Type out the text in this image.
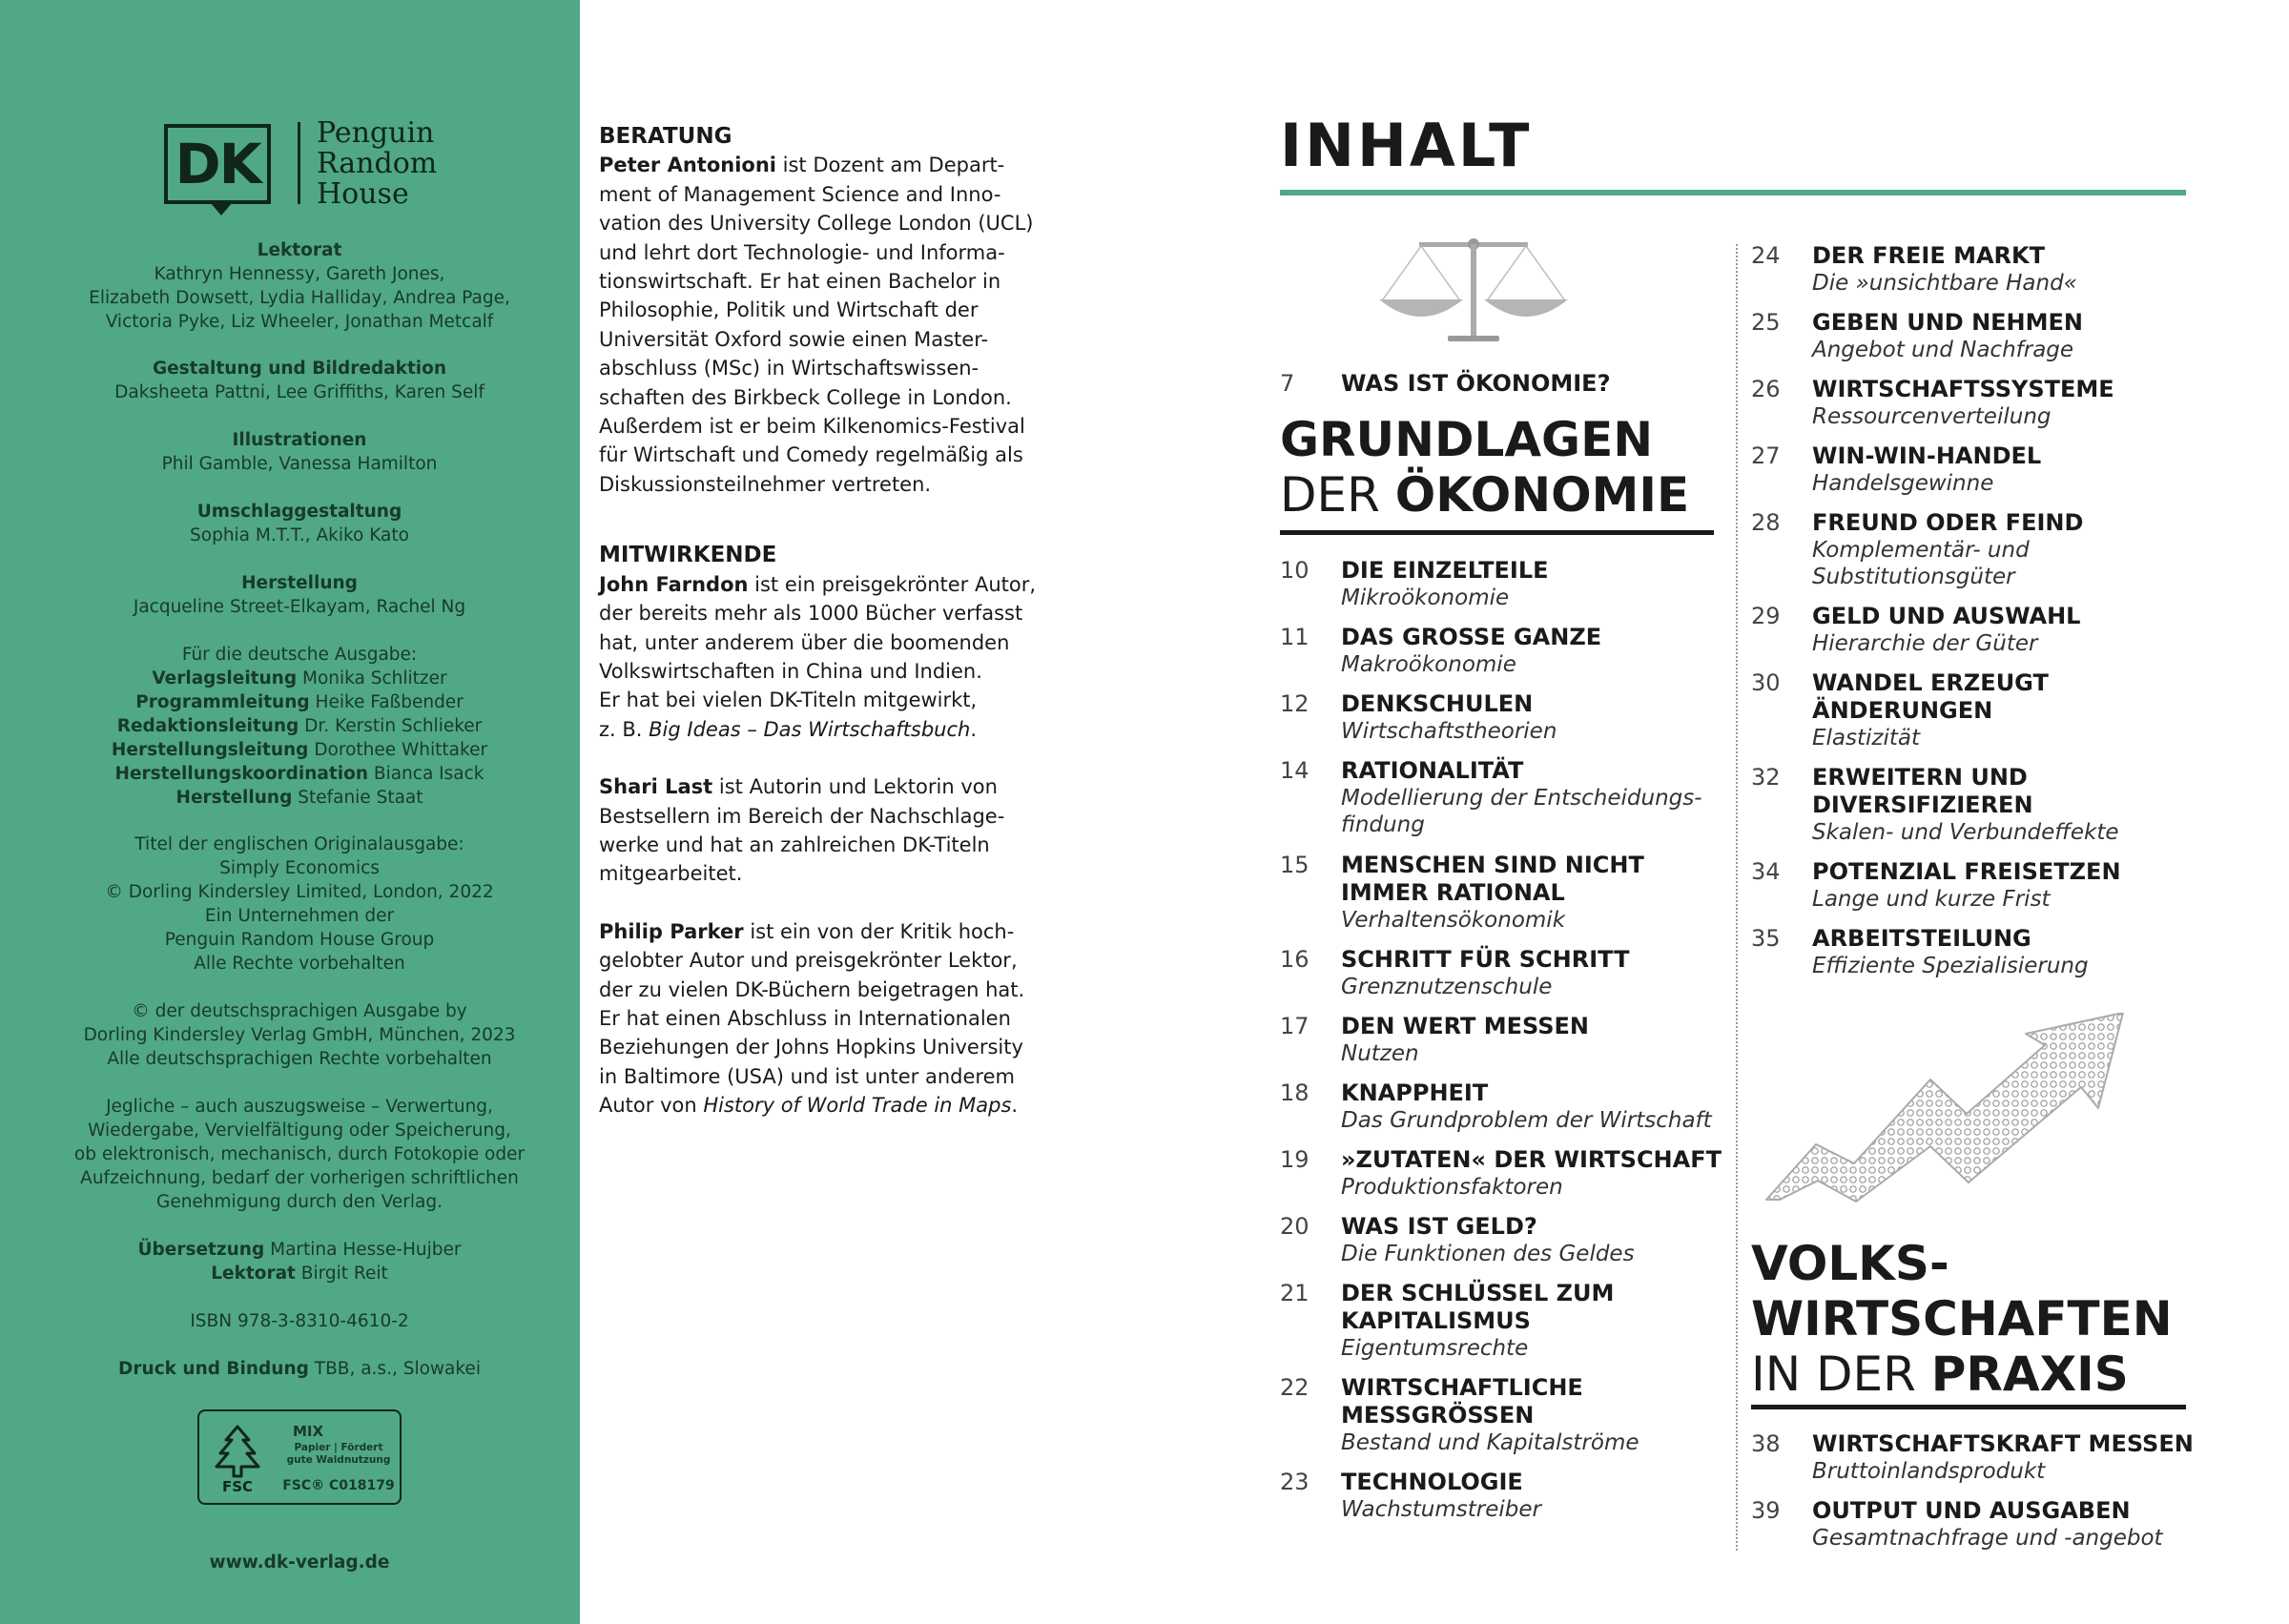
DK	Penguin
Random
House
Lektorat
Kathryn Hennessy, Gareth Jones,
Elizabeth Dowsett, Lydia Halliday, Andrea Page,
Victoria Pyke, Liz Wheeler, Jonathan Metcalf
Gestaltung und Bildredaktion
Daksheeta Pattni, Lee Griffiths, Karen Self
Illustrationen
Phil Gamble, Vanessa Hamilton
Umschlaggestaltung
Sophia M.T.T., Akiko Kato
Herstellung
Jacqueline Street-Elkayam, Rachel Ng
Für die deutsche Ausgabe:
Verlagsleitung Monika Schlitzer
Programmleitung Heike Faßbender
Redaktionsleitung Dr. Kerstin Schlieker
Herstellungsleitung Dorothee Whittaker
Herstellungskoordination Bianca Isack
Herstellung Stefanie Staat
Titel der englischen Originalausgabe:
Simply Economics
© Dorling Kindersley Limited, London, 2022
Ein Unternehmen der
Penguin Random House Group
Alle Rechte vorbehalten
© der deutschsprachigen Ausgabe by
Dorling Kindersley Verlag GmbH, München, 2023
Alle deutschsprachigen Rechte vorbehalten
Jegliche – auch auszugsweise – Verwertung,
Wiedergabe, Vervielfältigung oder Speicherung,
ob elektronisch, mechanisch, durch Fotokopie oder
Aufzeichnung, bedarf der vorherigen schriftlichen
Genehmigung durch den Verlag.
Übersetzung Martina Hesse-Hujber
Lektorat Birgit Reit
ISBN 978-3-8310-4610-2
Druck und Bindung TBB, a.s., Slowakei
FSC
MIX
Papier | Fördert gute Waldnutzung
FSC® C018179
www.dk-verlag.de
BERATUNG

Peter Antonioni ist Dozent am Depart-
ment of Management Science and Inno-
vation des University College London (UCL)
und lehrt dort Technologie- und Informa-
tionswirtschaft. Er hat einen Bachelor in
Philosophie, Politik und Wirtschaft der
Universität Oxford sowie einen Master-
abschluss (MSc) in Wirtschaftswissen-
schaften des Birkbeck College in London.
Außerdem ist er beim Kilkenomics-Festival
für Wirtschaft und Comedy regelmäßig als
Diskussionsteilnehmer vertreten.

MITWIRKENDE

John Farndon ist ein preisgekrönter Autor,
der bereits mehr als 1000 Bücher verfasst
hat, unter anderem über die boomenden
Volkswirtschaften in China und Indien.
Er hat bei vielen DK-Titeln mitgewirkt,
z. B. Big Ideas – Das Wirtschaftsbuch.

Shari Last ist Autorin und Lektorin von
Bestsellern im Bereich der Nachschlage-
werke und hat an zahlreichen DK-Titeln
mitgearbeitet.

Philip Parker ist ein von der Kritik hoch-
gelobter Autor und preisgekrönter Lektor,
der zu vielen DK-Büchern beigetragen hat.
Er hat einen Abschluss in Internationalen
Beziehungen der Johns Hopkins University
in Baltimore (USA) und ist unter anderem
Autor von History of World Trade in Maps.

INHALT
7 WAS IST ÖKONOMIE?
GRUNDLAGEN
DER ÖKONOMIE
VOLKS-
WIRTSCHAFTEN
IN DER PRAXIS
10 DIE EINZELTEILE
Mikroökonomie
11 DAS GROSSE GANZE
Makroökonomie
12 DENKSCHULEN
Wirtschaftstheorien
14 RATIONALITÄT
Modellierung der Entscheidungs-
findung
15 MENSCHEN SIND NICHT
IMMER RATIONAL
Verhaltensökonomik
16 SCHRITT FÜR SCHRITT
Grenznutzenschule
17 DEN WERT MESSEN
Nutzen
18 KNAPPHEIT
Das Grundproblem der Wirtschaft
19 »ZUTATEN« DER WIRTSCHAFT
Produktionsfaktoren
20 WAS IST GELD?
Die Funktionen des Geldes
21 DER SCHLÜSSEL ZUM
KAPITALISMUS
Eigentumsrechte
22 WIRTSCHAFTLICHE
MESSGRÖSSEN
Bestand und Kapitalströme
23 TECHNOLOGIE
Wachstumstreiber
24 DER FREIE MARKT
Die »unsichtbare Hand«
25 GEBEN UND NEHMEN
Angebot und Nachfrage
26 WIRTSCHAFTSSYSTEME
Ressourcenverteilung
27 WIN-WIN-HANDEL
Handelsgewinne
28 FREUND ODER FEIND
Komplementär- und
Substitutionsgüter
29 GELD UND AUSWAHL
Hierarchie der Güter
30 WANDEL ERZEUGT
ÄNDERUNGEN
Elastizität
32 ERWEITERN UND
DIVERSIFIZIEREN
Skalen- und Verbundeffekte
34 POTENZIAL FREISETZEN
Lange und kurze Frist
35 ARBEITSTEILUNG
Effiziente Spezialisierung
38 WIRTSCHAFTSKRAFT MESSEN
Bruttoinlandsprodukt
39 OUTPUT UND AUSGABEN
Gesamtnachfrage und -angebot
